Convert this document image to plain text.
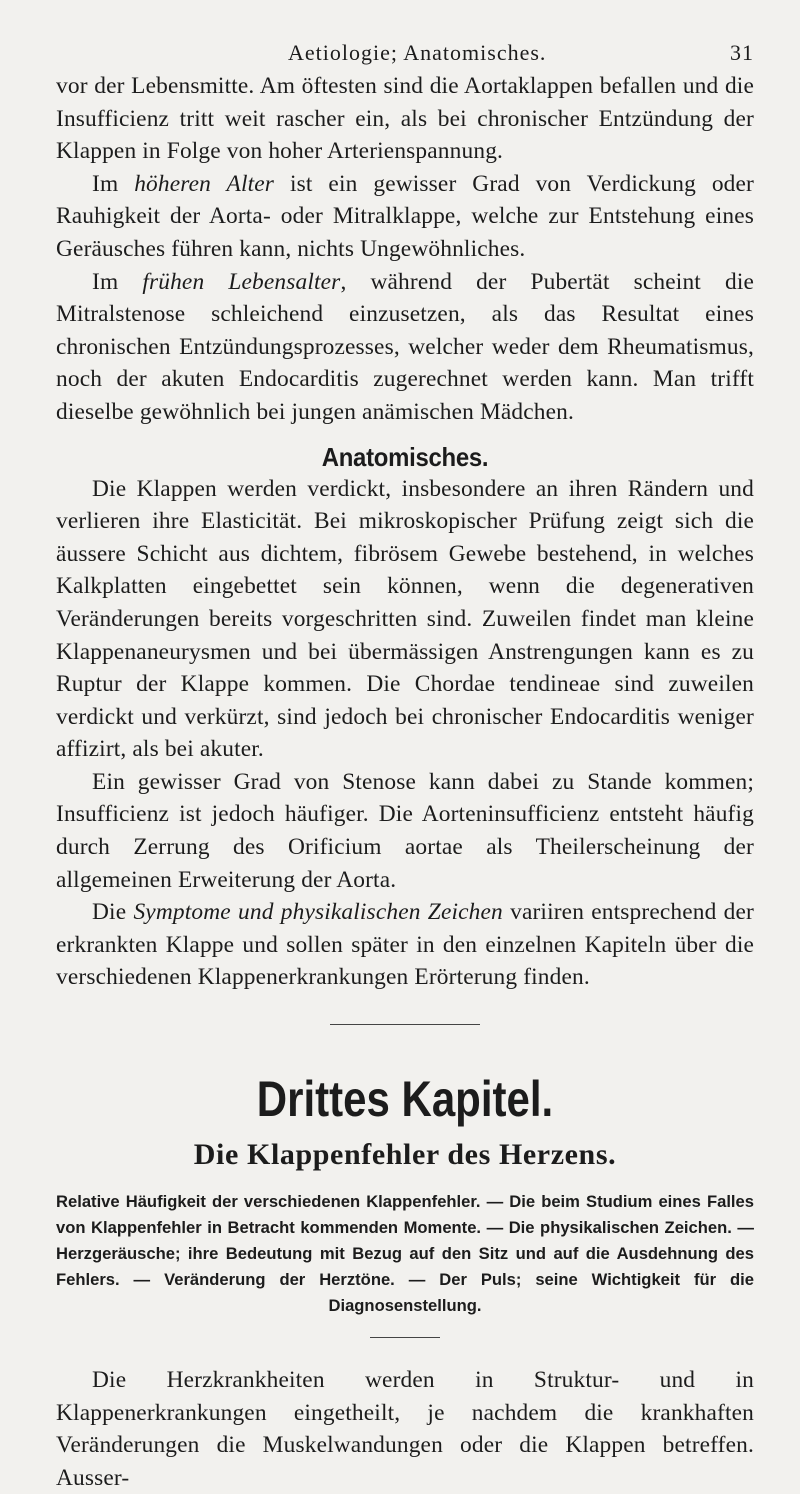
Aetiologie; Anatomisches.	31

vor der Lebensmitte. Am öftesten sind die Aortaklappen befallen und die Insufficienz tritt weit rascher ein, als bei chronischer Entzündung der Klappen in Folge von hoher Arterienspannung.

Im höheren Alter ist ein gewisser Grad von Verdickung oder Rauhigkeit der Aorta- oder Mitralklappe, welche zur Entstehung eines Geräusches führen kann, nichts Ungewöhnliches.

Im frühen Lebensalter, während der Pubertät scheint die Mitralstenose schleichend einzusetzen, als das Resultat eines chronischen Entzündungsprozesses, welcher weder dem Rheumatismus, noch der akuten Endocarditis zugerechnet werden kann. Man trifft dieselbe gewöhnlich bei jungen anämischen Mädchen.

Anatomisches.

Die Klappen werden verdickt, insbesondere an ihren Rändern und verlieren ihre Elasticität. Bei mikroskopischer Prüfung zeigt sich die äussere Schicht aus dichtem, fibrösem Gewebe bestehend, in welches Kalkplatten eingebettet sein können, wenn die degenerativen Veränderungen bereits vorgeschritten sind. Zuweilen findet man kleine Klappenaneurysmen und bei übermässigen Anstrengungen kann es zu Ruptur der Klappe kommen. Die Chordae tendineae sind zuweilen verdickt und verkürzt, sind jedoch bei chronischer Endocarditis weniger affizirt, als bei akuter.

Ein gewisser Grad von Stenose kann dabei zu Stande kommen; Insufficienz ist jedoch häufiger. Die Aorteninsufficienz entsteht häufig durch Zerrung des Orificium aortae als Theilerscheinung der allgemeinen Erweiterung der Aorta.

Die Symptome und physikalischen Zeichen variiren entsprechend der erkrankten Klappe und sollen später in den einzelnen Kapiteln über die verschiedenen Klappenerkrankungen Erörterung finden.

Drittes Kapitel.
Die Klappenfehler des Herzens.

Relative Häufigkeit der verschiedenen Klappenfehler. — Die beim Studium eines Falles von Klappenfehler in Betracht kommenden Momente. — Die physikalischen Zeichen. — Herzgeräusche; ihre Bedeutung mit Bezug auf den Sitz und auf die Ausdehnung des Fehlers. — Veränderung der Herztöne. — Der Puls; seine Wichtigkeit für die Diagnosenstellung.

Die Herzkrankheiten werden in Struktur- und in Klappenerkrankungen eingetheilt, je nachdem die krankhaften Veränderungen die Muskelwandungen oder die Klappen betreffen. Ausser-
